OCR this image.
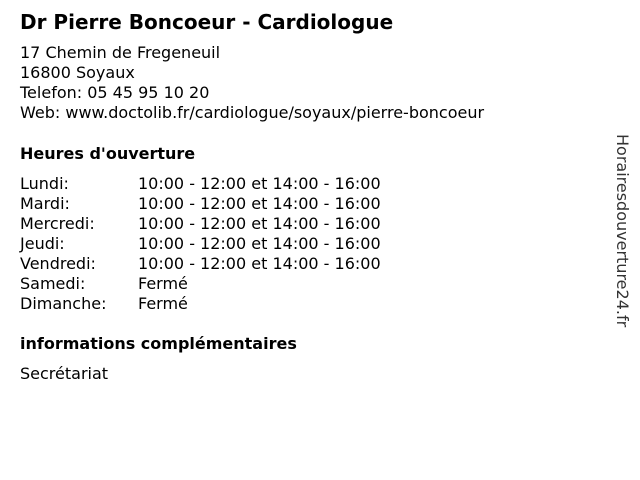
Dr Pierre Boncoeur - Cardiologue
17 Chemin de Fregeneuil
16800 Soyaux
Telefon: 05 45 95 10 20
Web: www.doctolib.fr/cardiologue/soyaux/pierre-boncoeur
Heures d'ouverture
Lundi:	10:00 - 12:00 et 14:00 - 16:00
Mardi:	10:00 - 12:00 et 14:00 - 16:00
Mercredi:	10:00 - 12:00 et 14:00 - 16:00
Jeudi:	10:00 - 12:00 et 14:00 - 16:00
Vendredi:	10:00 - 12:00 et 14:00 - 16:00
Samedi:	Fermé
Dimanche:	Fermé
informations complémentaires
Secrétariat
Horairesdouverture24.fr
